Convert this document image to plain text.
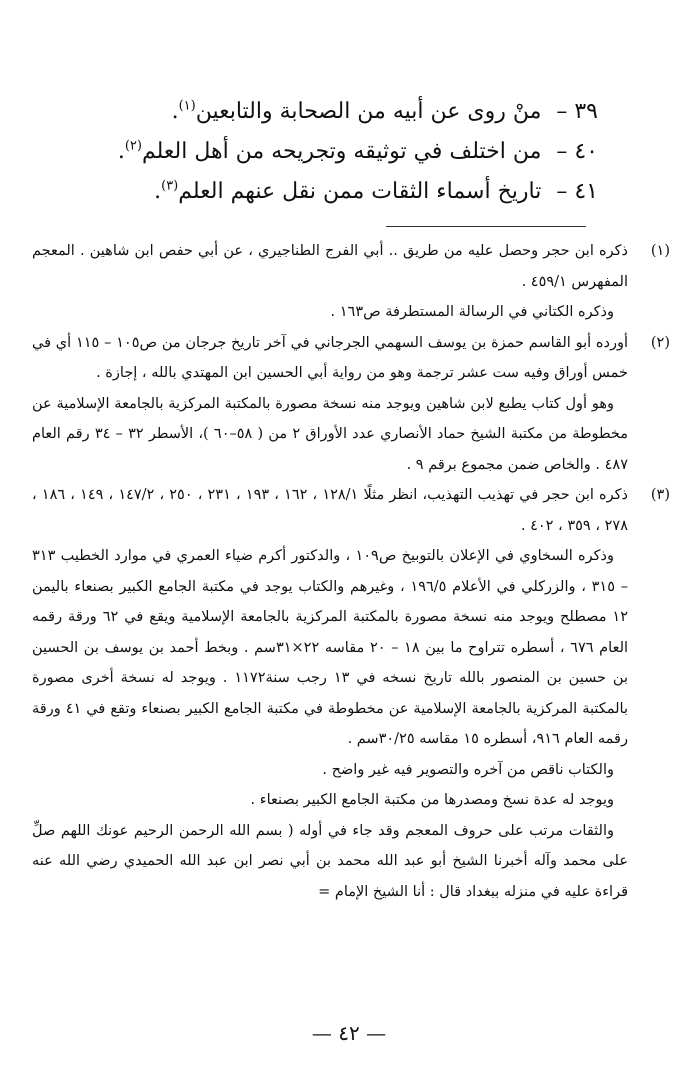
٣٩ – منْ روى عن أبيه من الصحابة والتابعين$^{(١)}$.
٤٠ – من اختلف في توثيقه وتجريحه من أهل العلم$^{(٢)}$.
٤١ – تاريخ أسماء الثقات ممن نقل عنهم العلم$^{(٣)}$.
(١)

ذكره ابن حجر وحصل عليه من طريق .. أبي الفرج الطناجيري ، عن أبي حفص ابن شاهين . المعجم المفهرس ٤٥٩/١ .

وذكره الكتاني في الرسالة المستطرفة ص١٦٣ .

(٢)

أورده أبو القاسم حمزة بن يوسف السهمي الجرجاني في آخر تاريخ جرجان من ص١٠٥ – ١١٥ أي في خمس أوراق وفيه ست عشر ترجمة وهو من رواية أبي الحسين ابن المهتدي بالله ، إجازة .

وهو أول كتاب يطبع لابن شاهين ويوجد منه نسخة مصورة بالمكتبة المركزية بالجامعة الإسلامية عن مخطوطة من مكتبة الشيخ حماد الأنصاري عدد الأوراق ٢ من ( ٥٨–٦٠ )، الأسطر ٣٢ – ٣٤ رقم العام ٤٨٧ . والخاص ضمن مجموع برقم ٩ .

(٣)

ذكره ابن حجر في تهذيب التهذيب، انظر مثلًا ١٢٨/١ ، ١٦٢ ، ١٩٣ ، ٢٣١ ، ٢٥٠ ، ١٤٧/٢ ، ١٤٩ ، ١٨٦ ، ٢٧٨ ، ٣٥٩ ، ٤٠٢ .

وذكره السخاوي في الإعلان بالتوبيخ ص١٠٩ ، والدكتور أكرم ضياء العمري في موارد الخطيب ٣١٣ – ٣١٥ ، والزركلي في الأعلام ١٩٦/٥ ، وغيرهم والكتاب يوجد في مكتبة الجامع الكبير بصنعاء باليمن ١٢ مصطلح ويوجد منه نسخة مصورة بالمكتبة المركزية بالجامعة الإسلامية ويقع في ٦٢ ورقة رقمه العام ٦٧٦ ، أسطره تتراوح ما بين ١٨ – ٢٠ مقاسه ٢٢×٣١سم . وبخط أحمد بن يوسف بن الحسين بن حسين بن المنصور بالله تاريخ نسخه في ١٣ رجب سنة١١٧٢ . ويوجد له نسخة أخرى مصورة بالمكتبة المركزية بالجامعة الإسلامية عن مخطوطة في مكتبة الجامع الكبير بصنعاء وتقع في ٤١ ورقة رقمه العام ٩١٦، أسطره ١٥ مقاسه ٣٠/٢٥سم .

والكتاب ناقص من آخره والتصوير فيه غير واضح .

ويوجد له عدة نسخ ومصدرها من مكتبة الجامع الكبير بصنعاء .

والثقات مرتب على حروف المعجم وقد جاء في أوله ( بسم الله الرحمن الرحيم عونك اللهم صلِّ على محمد وآله أخبرنا الشيخ أبو عبد الله محمد بن أبي نصر ابن عبد الله الحميدي رضي الله عنه قراءة عليه في منزله ببغداد قال : أنا الشيخ الإمام =

— ٤٢ —
